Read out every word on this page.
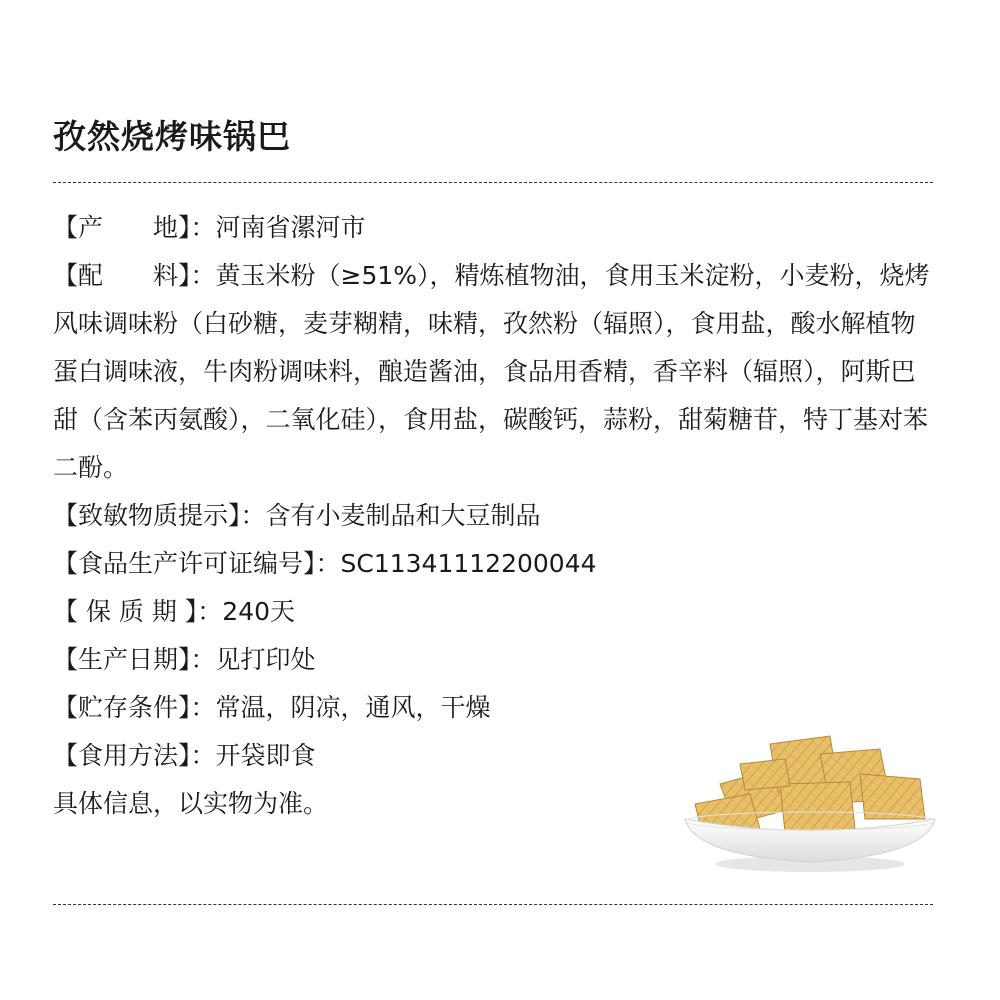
孜然烧烤味锅巴
【产　　地】：河南省漯河市
【配　　料】：黄玉米粉（≥51%），精炼植物油，食用玉米淀粉，小麦粉，烧烤风味调味粉（白砂糖，麦芽糊精，味精，孜然粉（辐照），食用盐，酸水解植物蛋白调味液，牛肉粉调味料，酿造酱油，食品用香精，香辛料（辐照），阿斯巴甜（含苯丙氨酸），二氧化硅），食用盐，碳酸钙，蒜粉，甜菊糖苷，特丁基对苯二酚。
【致敏物质提示】：含有小麦制品和大豆制品
【食品生产许可证编号】：SC11341112200044
【 保 质 期 】：240天
【生产日期】：见打印处
【贮存条件】：常温，阴凉，通风，干燥
【食用方法】：开袋即食
具体信息，以实物为准。
